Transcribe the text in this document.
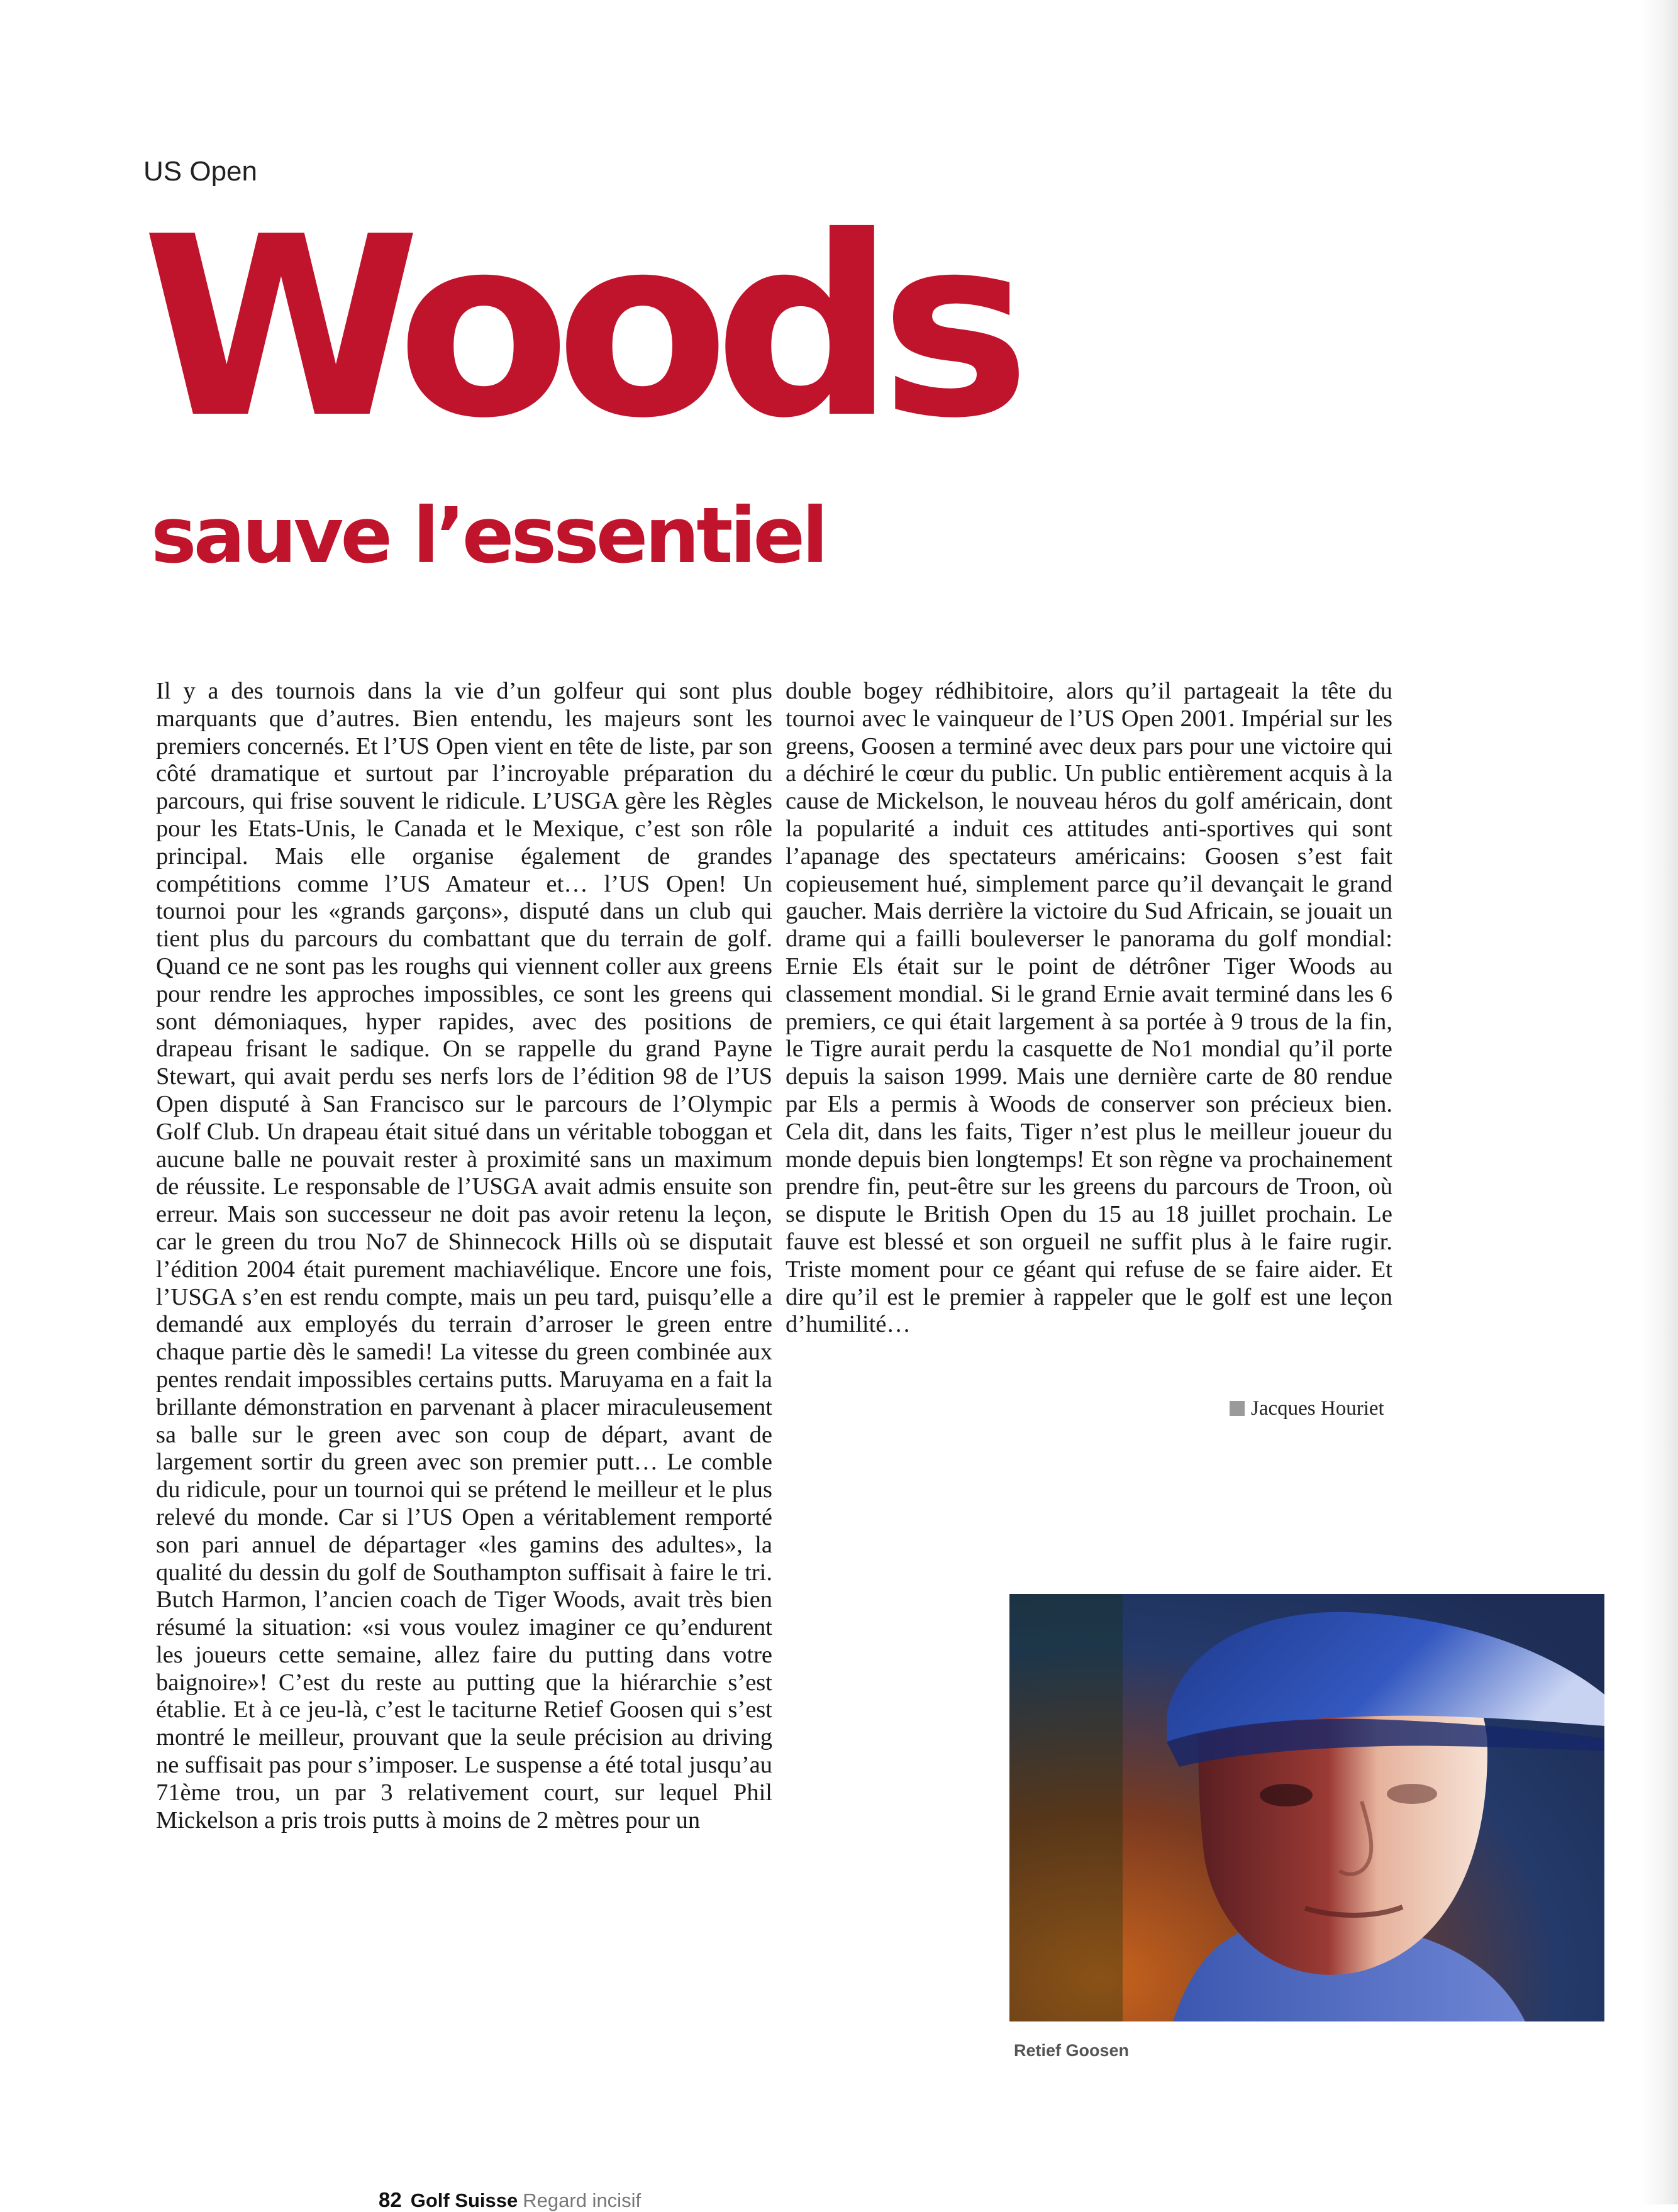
US Open
Woods
sauve l’essentiel

Il y a des tournois dans la vie d’un golfeur qui sont plus marquants que d’autres. Bien entendu, les majeurs sont les premiers concernés. Et l’US Open vient en tête de liste, par son côté dramatique et surtout par l’incroyable préparation du parcours, qui frise souvent le ridicule. L’USGA gère les Règles pour les Etats-Unis, le Canada et le Mexique, c’est son rôle principal. Mais elle organise également de grandes compétitions comme l’US Amateur et… l’US Open! Un tournoi pour les «grands garçons», disputé dans un club qui tient plus du parcours du combattant que du terrain de golf. Quand ce ne sont pas les roughs qui viennent coller aux greens pour rendre les approches impossibles, ce sont les greens qui sont démoniaques, hyper rapides, avec des positions de drapeau frisant le sadique. On se rappelle du grand Payne Stewart, qui avait perdu ses nerfs lors de l’édition 98 de l’US Open disputé à San Francisco sur le parcours de l’Olympic Golf Club. Un drapeau était situé dans un véritable toboggan et aucune balle ne pouvait rester à proximité sans un maximum de réussite. Le responsable de l’USGA avait admis ensuite son erreur. Mais son successeur ne doit pas avoir retenu la leçon, car le green du trou No7 de Shinnecock Hills où se disputait l’édition 2004 était purement machiavélique. Encore une fois, l’USGA s’en est rendu compte, mais un peu tard, puisqu’elle a demandé aux employés du terrain d’arroser le green entre chaque partie dès le samedi! La vitesse du green combinée aux pentes rendait impossibles certains putts. Maruyama en a fait la brillante démonstration en parvenant à placer miraculeusement sa balle sur le green avec son coup de départ, avant de largement sortir du green avec son premier putt… Le comble du ridicule, pour un tournoi qui se prétend le meilleur et le plus relevé du monde. Car si l’US Open a véritablement remporté son pari annuel de départager «les gamins des adultes», la qualité du dessin du golf de Southampton suffisait à faire le tri. Butch Harmon, l’ancien coach de Tiger Woods, avait très bien résumé la situation: «si vous voulez imaginer ce qu’endurent les joueurs cette semaine, allez faire du putting dans votre baignoire»! C’est du reste au putting que la hiérarchie s’est établie. Et à ce jeu-là, c’est le taciturne Retief Goosen qui s’est montré le meilleur, prouvant que la seule précision au driving ne suffisait pas pour s’imposer. Le suspense a été total jusqu’au 71ème trou, un par 3 relativement court, sur lequel Phil Mickelson a pris trois putts à moins de 2 mètres pour un

double bogey rédhibitoire, alors qu’il partageait la tête du tournoi avec le vainqueur de l’US Open 2001. Impérial sur les greens, Goosen a terminé avec deux pars pour une victoire qui a déchiré le cœur du public. Un public entièrement acquis à la cause de Mickelson, le nouveau héros du golf américain, dont la popularité a induit ces attitudes anti-sportives qui sont l’apanage des spectateurs américains: Goosen s’est fait copieusement hué, simplement parce qu’il devançait le grand gaucher. Mais derrière la victoire du Sud Africain, se jouait un drame qui a failli bouleverser le panorama du golf mondial: Ernie Els était sur le point de détrôner Tiger Woods au classement mondial. Si le grand Ernie avait terminé dans les 6 premiers, ce qui était largement à sa portée à 9 trous de la fin, le Tigre aurait perdu la casquette de No1 mondial qu’il porte depuis la saison 1999. Mais une dernière carte de 80 rendue par Els a permis à Woods de conserver son précieux bien. Cela dit, dans les faits, Tiger n’est plus le meilleur joueur du monde depuis bien longtemps! Et son règne va prochainement prendre fin, peut-être sur les greens du parcours de Troon, où se dispute le British Open du 15 au 18 juillet prochain. Le fauve est blessé et son orgueil ne suffit plus à le faire rugir. Triste moment pour ce géant qui refuse de se faire aider. Et dire qu’il est le premier à rappeler que le golf est une leçon d’humilité…

Jacques Houriet
Retief Goosen
82 Golf Suisse Regard incisif
